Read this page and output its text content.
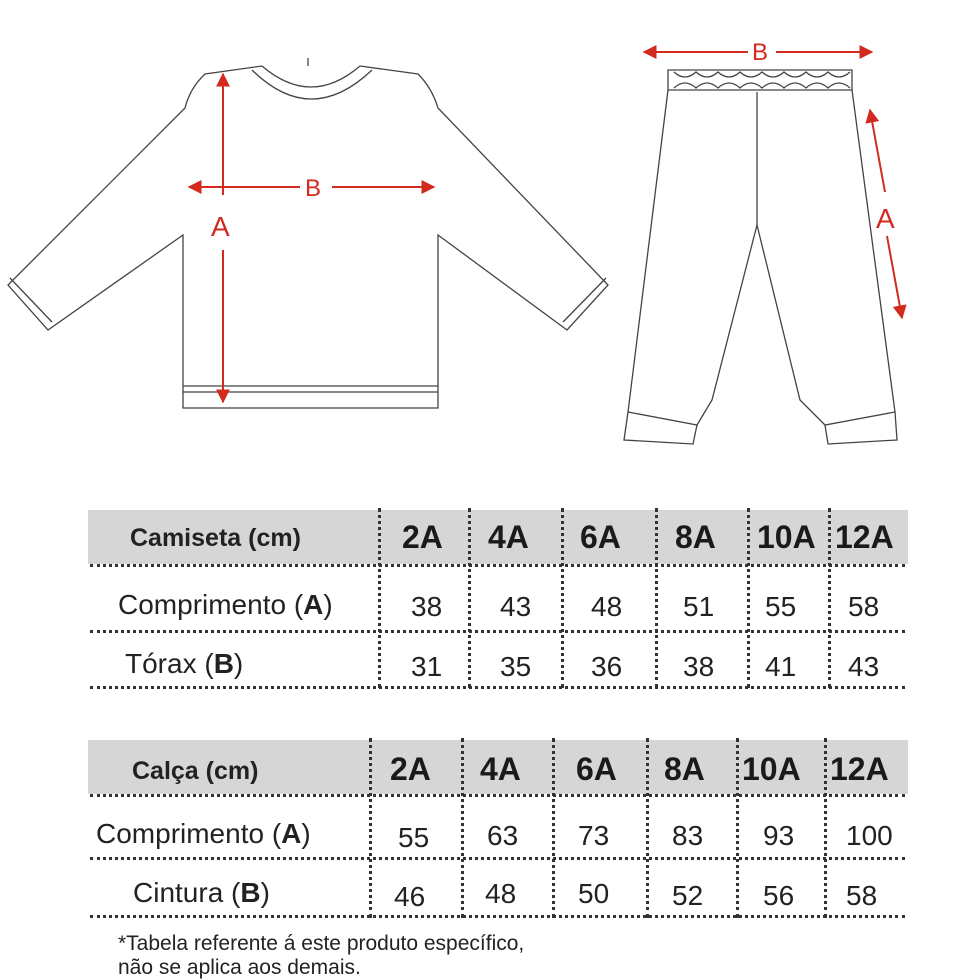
B
A
B
A
Camiseta (cm)	2A 4A 6A 8A 10A 12A
Comprimento (A)	38 43 48 51 55 58
Tórax (B)	31 35 36 38 41 43
Calça (cm)	2A 4A 6A 8A 10A 12A
Comprimento (A)	55 63 73 83 93 100
Cintura (B)	46 48 50 52 56 58
*Tabela referente á este produto específico,
não se aplica aos demais.
